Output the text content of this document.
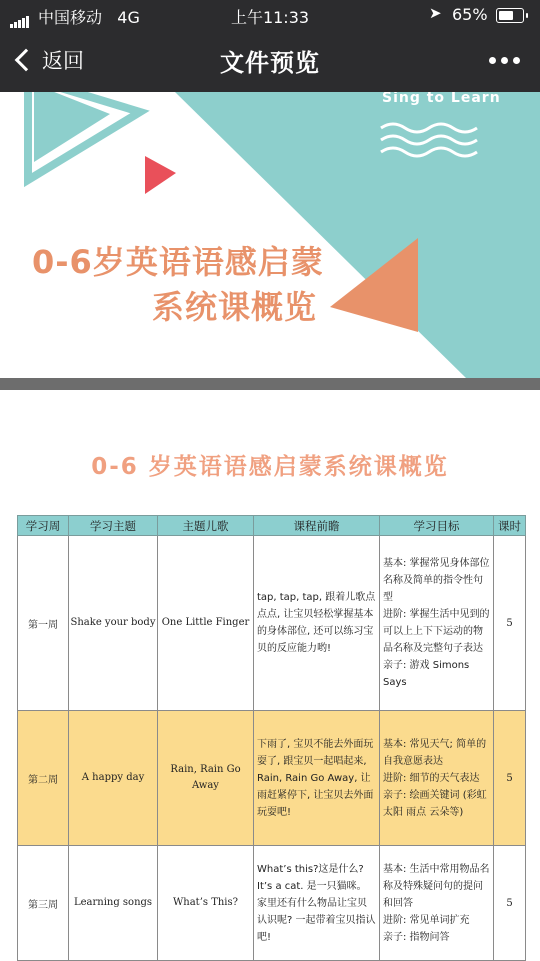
中国移动 4G	上午11:33	➤ 65%
返回	文件预览
Sing to Learn
0-6岁英语语感启蒙
系统课概览
0-6 岁英语语感启蒙系统课概览
学习周	学习主题	主题儿歌	课程前瞻	学习目标	课时
第一周	Shake your body	One Little Finger	tap, tap, tap, 跟着儿歌点点点, 让宝贝轻松掌握基本的身体部位, 还可以练习宝贝的反应能力哟!	基本: 掌握常见身体部位名称及简单的指令性句型
进阶: 掌握生活中见到的可以上上下下运动的物品名称及完整句子表达
亲子: 游戏 Simons Says	5
第二周	A happy day	Rain, Rain Go Away	下雨了, 宝贝不能去外面玩耍了, 跟宝贝一起唱起来, Rain, Rain Go Away, 让雨赶紧停下, 让宝贝去外面玩耍吧!	基本: 常见天气; 简单的自我意愿表达
进阶: 细节的天气表达
亲子: 绘画关键词 (彩虹 太阳 雨点 云朵等)	5
第三周	Learning songs	What’s This?	What’s this?这是什么? It’s a cat. 是一只猫咪。家里还有什么物品让宝贝认识呢? 一起带着宝贝指认吧!	基本: 生活中常用物品名称及特殊疑问句的提问和回答
进阶: 常见单词扩充
亲子: 指物问答	5
